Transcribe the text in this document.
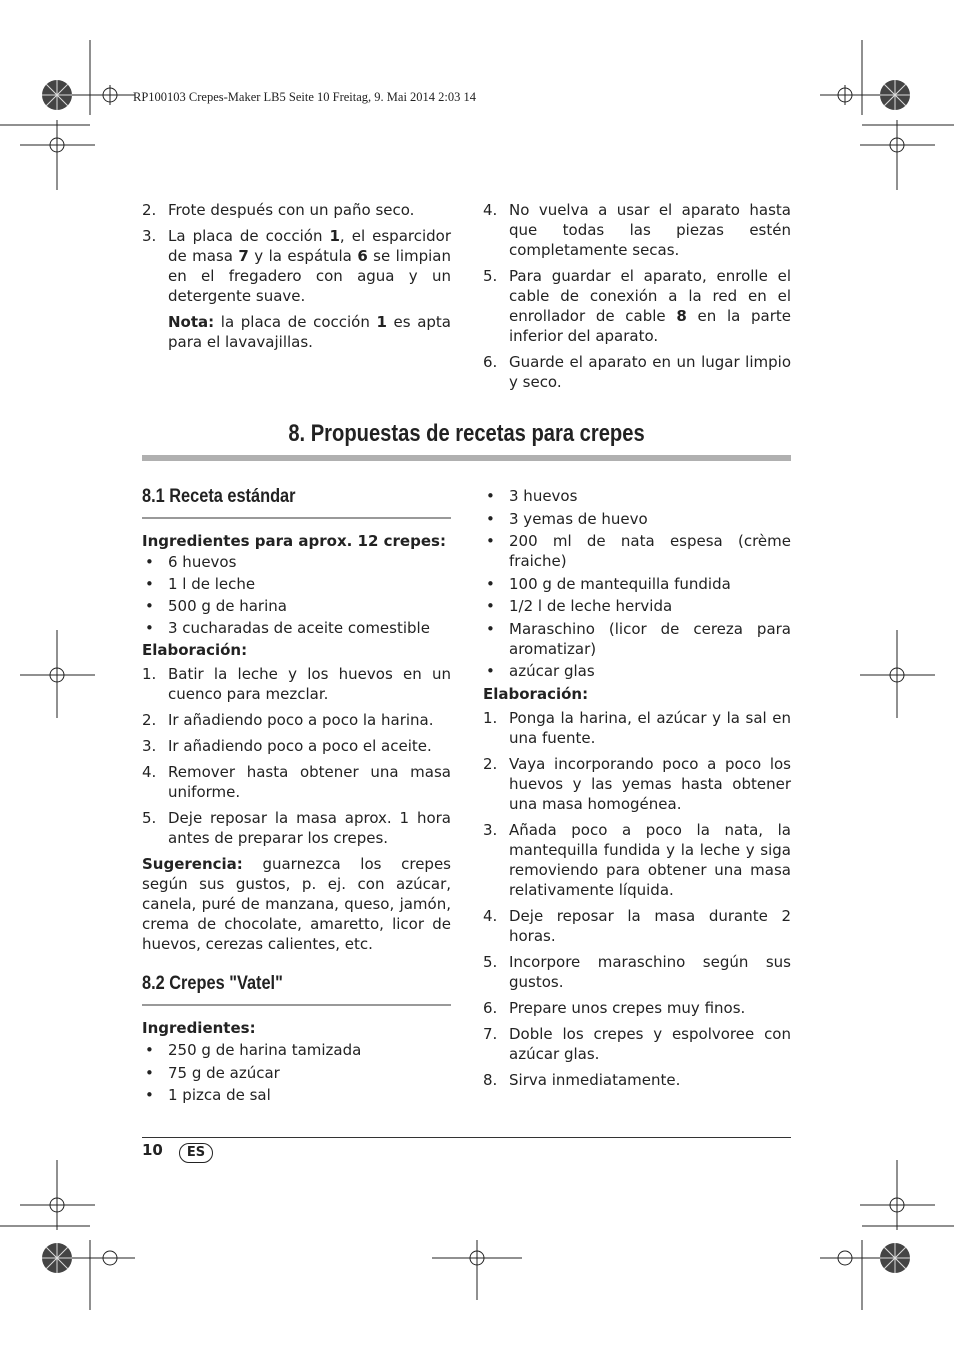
RP100103 Crepes-Maker LB5 Seite 10 Freitag, 9. Mai 2014 2:03 14
2. Frote después con un paño seco.
3. La placa de cocción 1, el esparcidor de masa 7 y la espátula 6 se limpian en el fregadero con agua y un detergente suave.
Nota: la placa de cocción 1 es apta para el lavavajillas.
4. No vuelva a usar el aparato hasta que todas las piezas estén completamente secas.
5. Para guardar el aparato, enrolle el cable de conexión a la red en el enrollador de cable 8 en la parte inferior del aparato.
6. Guarde el aparato en un lugar limpio y seco.
8. Propuestas de recetas para crepes
8.1 Receta estándar
Ingredientes para aprox. 12 crepes:
• 6 huevos
• 1 l de leche
• 500 g de harina
• 3 cucharadas de aceite comestible
Elaboración:
1. Batir la leche y los huevos en un cuenco para mezclar.
2. Ir añadiendo poco a poco la harina.
3. Ir añadiendo poco a poco el aceite.
4. Remover hasta obtener una masa uniforme.
5. Deje reposar la masa aprox. 1 hora antes de preparar los crepes.
Sugerencia: guarnezca los crepes según sus gustos, p. ej. con azúcar, canela, puré de manzana, queso, jamón, crema de chocolate, amaretto, licor de huevos, cerezas calientes, etc.
8.2 Crepes "Vatel"
Ingredientes:
• 250 g de harina tamizada
• 75 g de azúcar
• 1 pizca de sal
• 3 huevos
• 3 yemas de huevo
• 200 ml de nata espesa (crème fraiche)
• 100 g de mantequilla fundida
• 1/2 l de leche hervida
• Maraschino (licor de cereza para aromatizar)
• azúcar glas
Elaboración:
1. Ponga la harina, el azúcar y la sal en una fuente.
2. Vaya incorporando poco a poco los huevos y las yemas hasta obtener una masa homogénea.
3. Añada poco a poco la nata, la mantequilla fundida y la leche y siga removiendo para obtener una masa relativamente líquida.
4. Deje reposar la masa durante 2 horas.
5. Incorpore maraschino según sus gustos.
6. Prepare unos crepes muy finos.
7. Doble los crepes y espolvoree con azúcar glas.
8. Sirva inmediatamente.
10	ES
